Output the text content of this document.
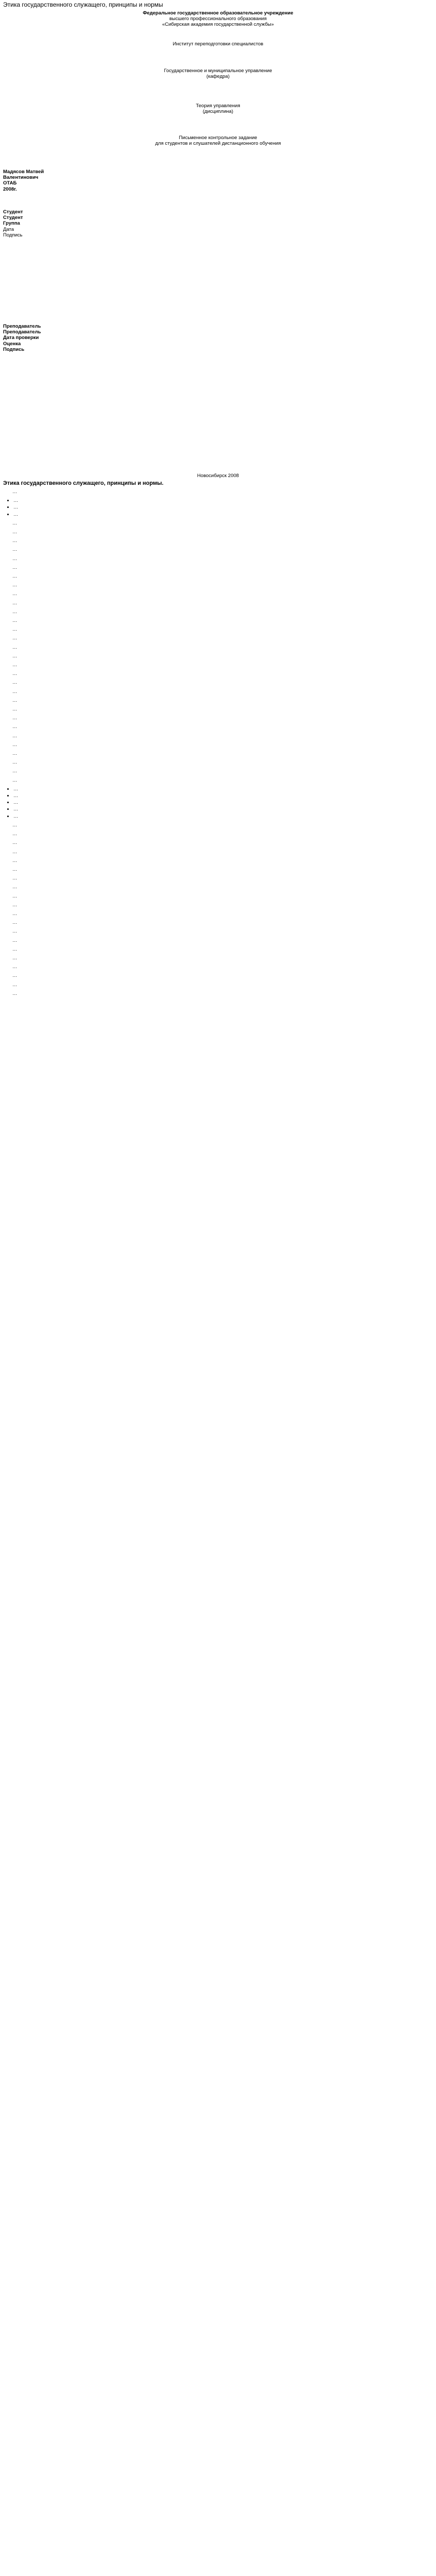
Этика государственного служащего, принципы и нормы
Федеральное государственное образовательное учреждение
высшего профессионального образования
«Сибирская академия государственной службы»
Институт переподготовки специалистов
Государственное и муниципальное управление
(кафедра)
Теория управления
(дисциплина)
Письменное контрольное задание
для студентов и слушателей дистанционного обучения
Мадясов Матвей
Валентинович
ОТАБ
2008г.
Студент
Студент
Группа
Дата
Подпись
Преподаватель
Преподаватель
Дата проверки
Оценка
Подпись
Новосибирск 2008
Этика государственного служащего, принципы и нормы.

…

• …
• …
• …

…

…

…

…

…

…

…

…

…

…

…

…

…

…

…

…

…

…

…

…

…

…

…

…

…

…

…

…

…

…

• …
• …
• …
• …
• …

…

…

…

…

…

…

…

…

…

…

…

…

…

…

…

…

…

…

…

…
